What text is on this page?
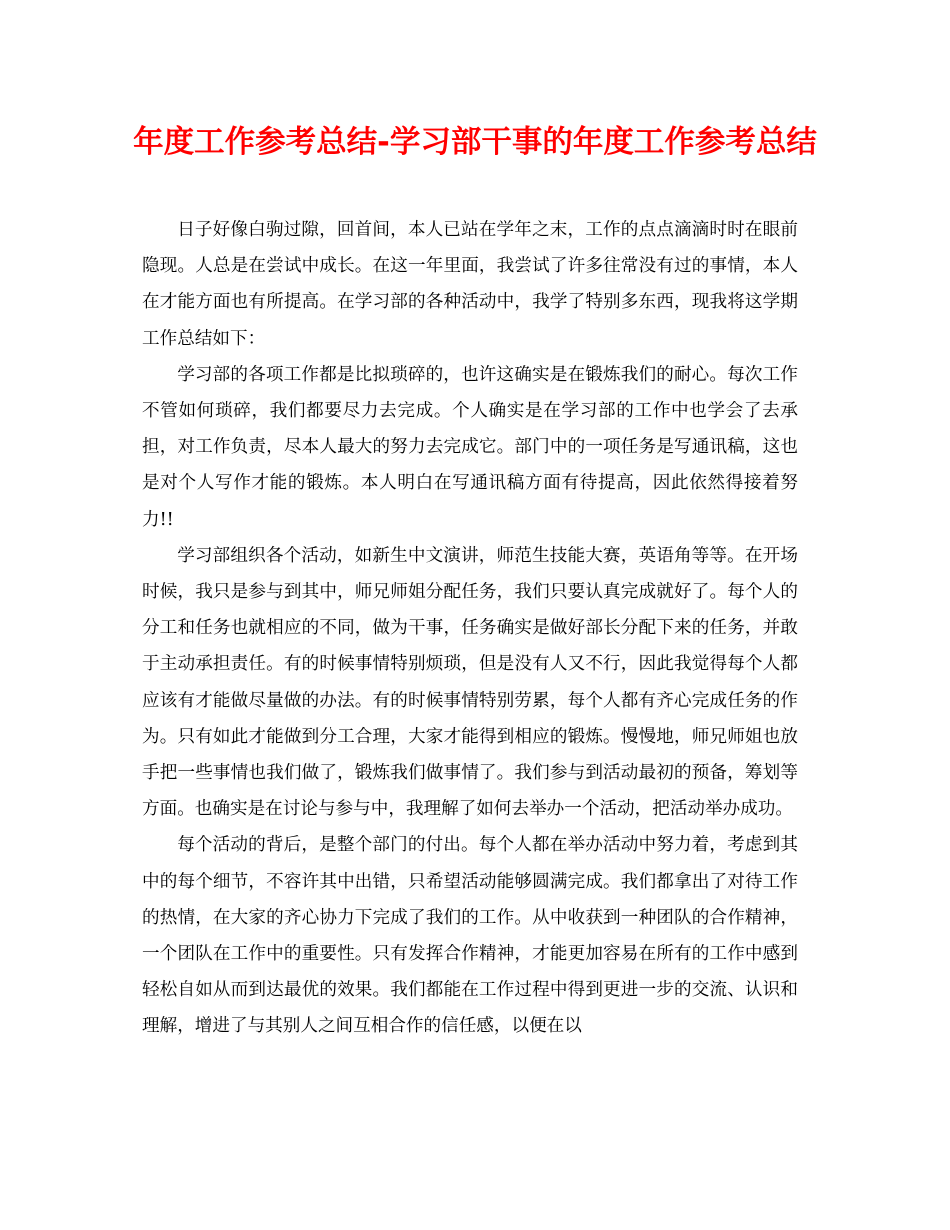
年度工作参考总结-学习部干事的年度工作参考总结

日子好像白驹过隙，回首间，本人已站在学年之末，工作的点点滴滴时时在眼前隐现。人总是在尝试中成长。在这一年里面，我尝试了许多往常没有过的事情，本人在才能方面也有所提高。在学习部的各种活动中，我学了特别多东西，现我将这学期工作总结如下：

学习部的各项工作都是比拟琐碎的，也许这确实是在锻炼我们的耐心。每次工作不管如何琐碎，我们都要尽力去完成。个人确实是在学习部的工作中也学会了去承担，对工作负责，尽本人最大的努力去完成它。部门中的一项任务是写通讯稿，这也是对个人写作才能的锻炼。本人明白在写通讯稿方面有待提高，因此依然得接着努力!!

学习部组织各个活动，如新生中文演讲，师范生技能大赛，英语角等等。在开场时候，我只是参与到其中，师兄师姐分配任务，我们只要认真完成就好了。每个人的分工和任务也就相应的不同，做为干事，任务确实是做好部长分配下来的任务，并敢于主动承担责任。有的时候事情特别烦琐，但是没有人又不行，因此我觉得每个人都应该有才能做尽量做的办法。有的时候事情特别劳累，每个人都有齐心完成任务的作为。只有如此才能做到分工合理，大家才能得到相应的锻炼。慢慢地，师兄师姐也放手把一些事情也我们做了，锻炼我们做事情了。我们参与到活动最初的预备，筹划等方面。也确实是在讨论与参与中，我理解了如何去举办一个活动，把活动举办成功。

每个活动的背后，是整个部门的付出。每个人都在举办活动中努力着，考虑到其中的每个细节，不容许其中出错，只希望活动能够圆满完成。我们都拿出了对待工作的热情，在大家的齐心协力下完成了我们的工作。从中收获到一种团队的合作精神，一个团队在工作中的重要性。只有发挥合作精神，才能更加容易在所有的工作中感到轻松自如从而到达最优的效果。我们都能在工作过程中得到更进一步的交流、认识和理解，增进了与其别人之间互相合作的信任感，以便在以
